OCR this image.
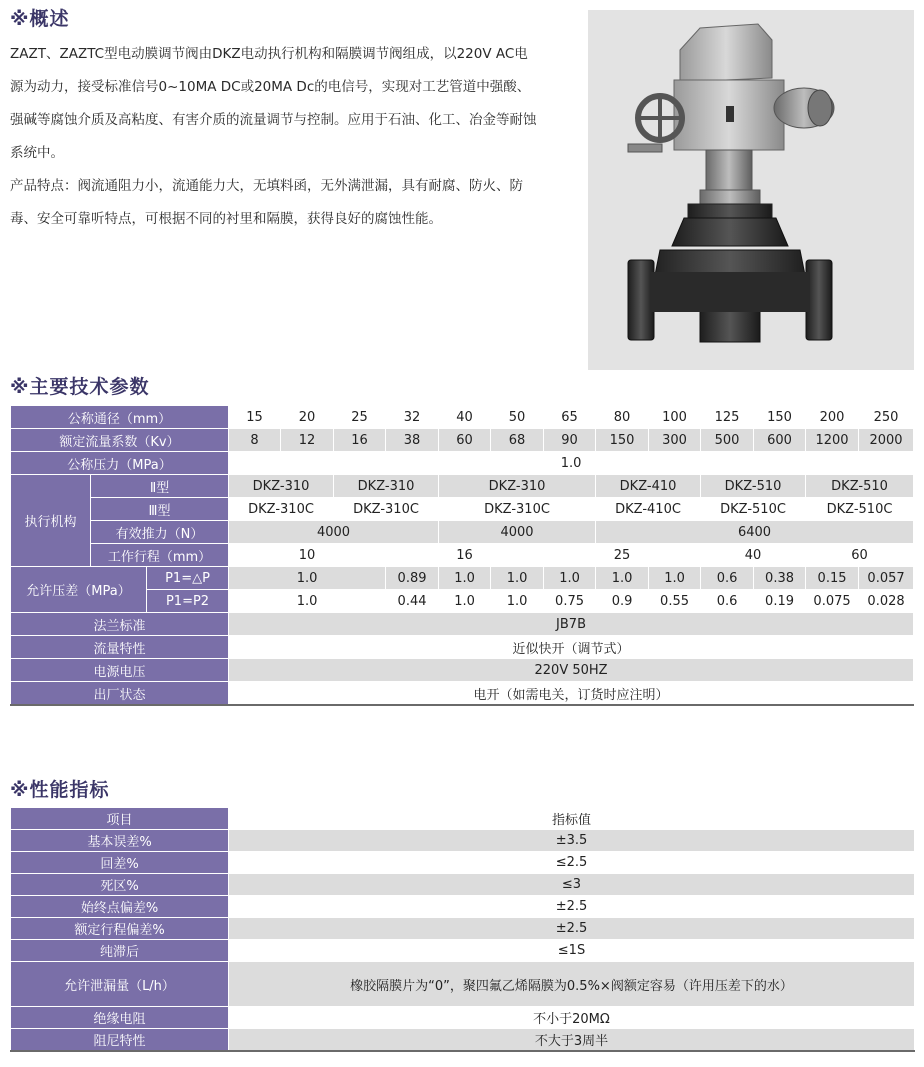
※概述

ZAZT、ZAZTC型电动膜调节阀由DKZ电动执行机构和隔膜调节阀组成，以220V AC电源为动力，接受标准信号0~10MA DC或20MA Dc的电信号，实现对工艺管道中强酸、强碱等腐蚀介质及高粘度、有害介质的流量调节与控制。应用于石油、化工、冶金等耐蚀系统中。

产品特点：阀流通阻力小，流通能力大，无填料函，无外满泄漏，具有耐腐、防火、防毒、安全可靠听特点，可根据不同的衬里和隔膜，获得良好的腐蚀性能。

※主要技术参数
公称通径（mm）			15	20	25	32	40	50	65	80	100	125	150	200	250
额定流量系数（Kv）			8	12	16	38	60	68	90	150	300	500	600	1200	2000
公称压力（MPa）			1.0												
执行机构	Ⅱ型		DKZ-310		DKZ-310		DKZ-310			DKZ-410		DKZ-510		DKZ-510	
	Ⅲ型		DKZ-310C		DKZ-310C		DKZ-310C			DKZ-410C		DKZ-510C		DKZ-510C	
	有效推力（N）		4000				4000			6400					
	工作行程（mm）		10			16			25			40		60	
允许压差（MPa）		P1=△P	1.0			0.89	1.0	1.0	1.0	1.0	1.0	0.6	0.38	0.15	0.057
		P1=P2	1.0			0.44	1.0	1.0	0.75	0.9	0.55	0.6	0.19	0.075	0.028
法兰标准			JB7B												
流量特性			近似快开（调节式）												
电源电压			220V 50HZ												
出厂状态			电开（如需电关，订货时应注明）												
※性能指标
项目	指标值
基本误差%	±3.5
回差%	≤2.5
死区%	≤3
始终点偏差%	±2.5
额定行程偏差%	±2.5
纯滞后	≤1S
允许泄漏量（L/h）	橡胶隔膜片为“0”，聚四氟乙烯隔膜为0.5%×阀额定容易（许用压差下的水）
绝缘电阻	不小于20MΩ
阻尼特性	不大于3周半
